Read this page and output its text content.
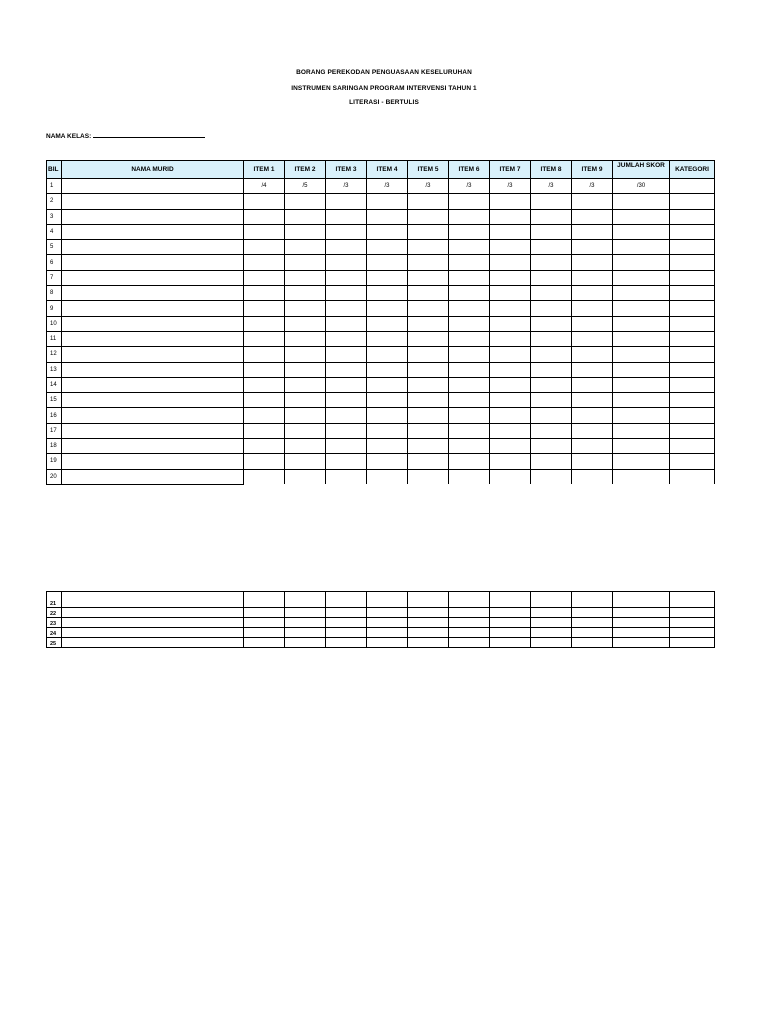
BORANG PEREKODAN PENGUASAAN KESELURUHAN
INSTRUMEN SARINGAN PROGRAM INTERVENSI TAHUN 1
LITERASI - BERTULIS
NAMA KELAS:
BIL	NAMA MURID	ITEM 1	ITEM 2	ITEM 3	ITEM 4	ITEM 5	ITEM 6	ITEM 7	ITEM 8	ITEM 9	JUMLAH SKOR	KATEGORI
1		/4	/5	/3	/3	/3	/3	/3	/3	/3	/30	
2												
3												
4												
5												
6												
7												
8												
9												
10												
11												
12												
13												
14												
15												
16												
17												
18												
19												
20												
21												
22												
23												
24												
25												
